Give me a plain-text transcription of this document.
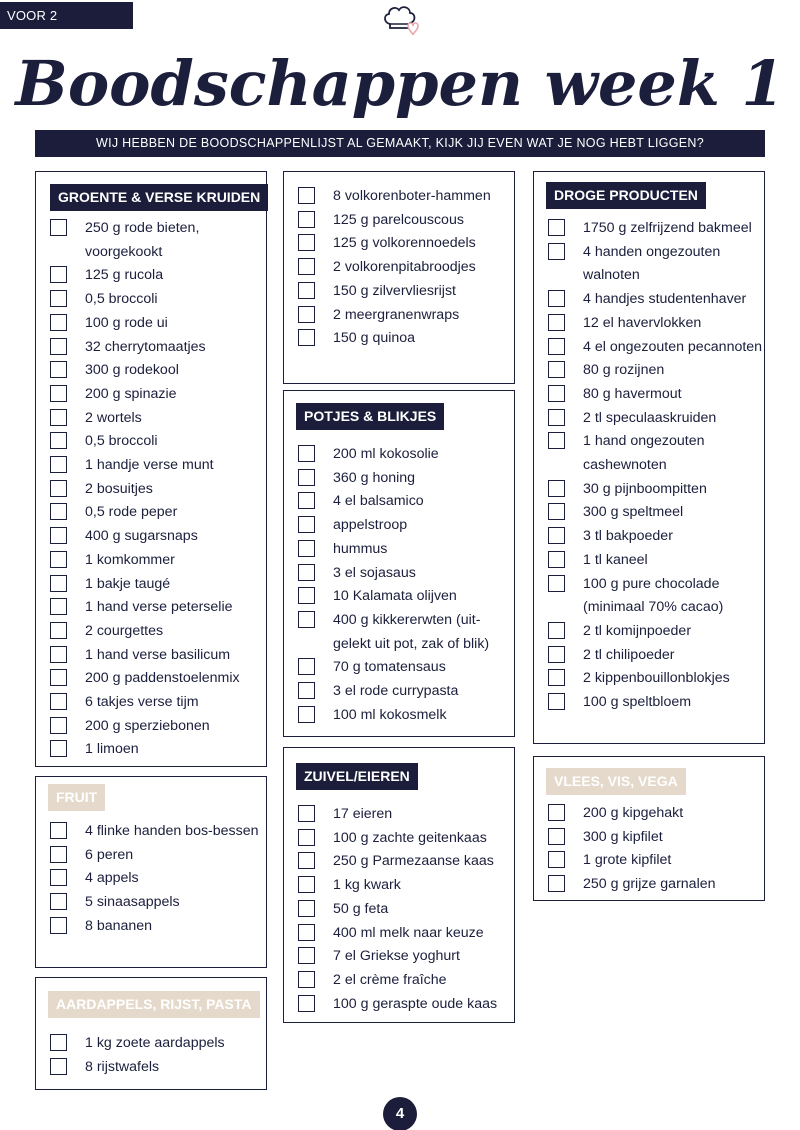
VOOR 2 PERSONEN
Boodschappen week 1
WIJ HEBBEN DE BOODSCHAPPENLIJST AL GEMAAKT, KIJK JIJ EVEN WAT JE NOG HEBT LIGGEN?
GROENTE & VERSE KRUIDEN
250 g rode bieten, voorgekookt
125 g rucola
0,5 broccoli
100 g rode ui
32 cherrytomaatjes
300 g rodekool
200 g spinazie
2 wortels
0,5 broccoli
1 handje verse munt
2 bosuitjes
0,5 rode peper
400 g sugarsnaps
1 komkommer
1 bakje taugé
1 hand verse peterselie
2 courgettes
1 hand verse basilicum
200 g paddenstoelenmix
6 takjes verse tijm
200 g sperziebonen
1 limoen
FRUIT
4 flinke handen bos-bessen
6 peren
4 appels
5 sinaasappels
8 bananen
AARDAPPELS, RIJST, PASTA
1 kg zoete aardappels
8 rijstwafels
8 volkorenboter-hammen
125 g parelcouscous
125 g volkorennoedels
2 volkorenpitabroodjes
150 g zilvervliesrijst
2 meergranenwraps
150 g quinoa
POTJES & BLIKJES
200 ml kokosolie
360 g honing
4 el balsamico
appelstroop
hummus
3 el sojasaus
10 Kalamata olijven
400 g kikkererwten (uit-gelekt uit pot, zak of blik)
70 g tomatensaus
3 el rode currypasta
100 ml kokosmelk
ZUIVEL/EIEREN
17 eieren
100 g zachte geitenkaas
250 g Parmezaanse kaas
1 kg kwark
50 g feta
400 ml melk naar keuze
7 el Griekse yoghurt
2 el crème fraîche
100 g geraspte oude kaas
DROGE PRODUCTEN
1750 g zelfrijzend bakmeel
4 handen ongezouten walnoten
4 handjes studentenhaver
12 el havervlokken
4 el ongezouten pecannoten
80 g rozijnen
80 g havermout
2 tl speculaaskruiden
1 hand ongezouten cashewnoten
30 g pijnboompitten
300 g speltmeel
3 tl bakpoeder
1 tl kaneel
100 g pure chocolade (minimaal 70% cacao)
2 tl komijnpoeder
2 tl chilipoeder
2 kippenbouillonblokjes
100 g speltbloem
VLEES, VIS, VEGA
200 g kipgehakt
300 g kipfilet
1 grote kipfilet
250 g grijze garnalen
4
